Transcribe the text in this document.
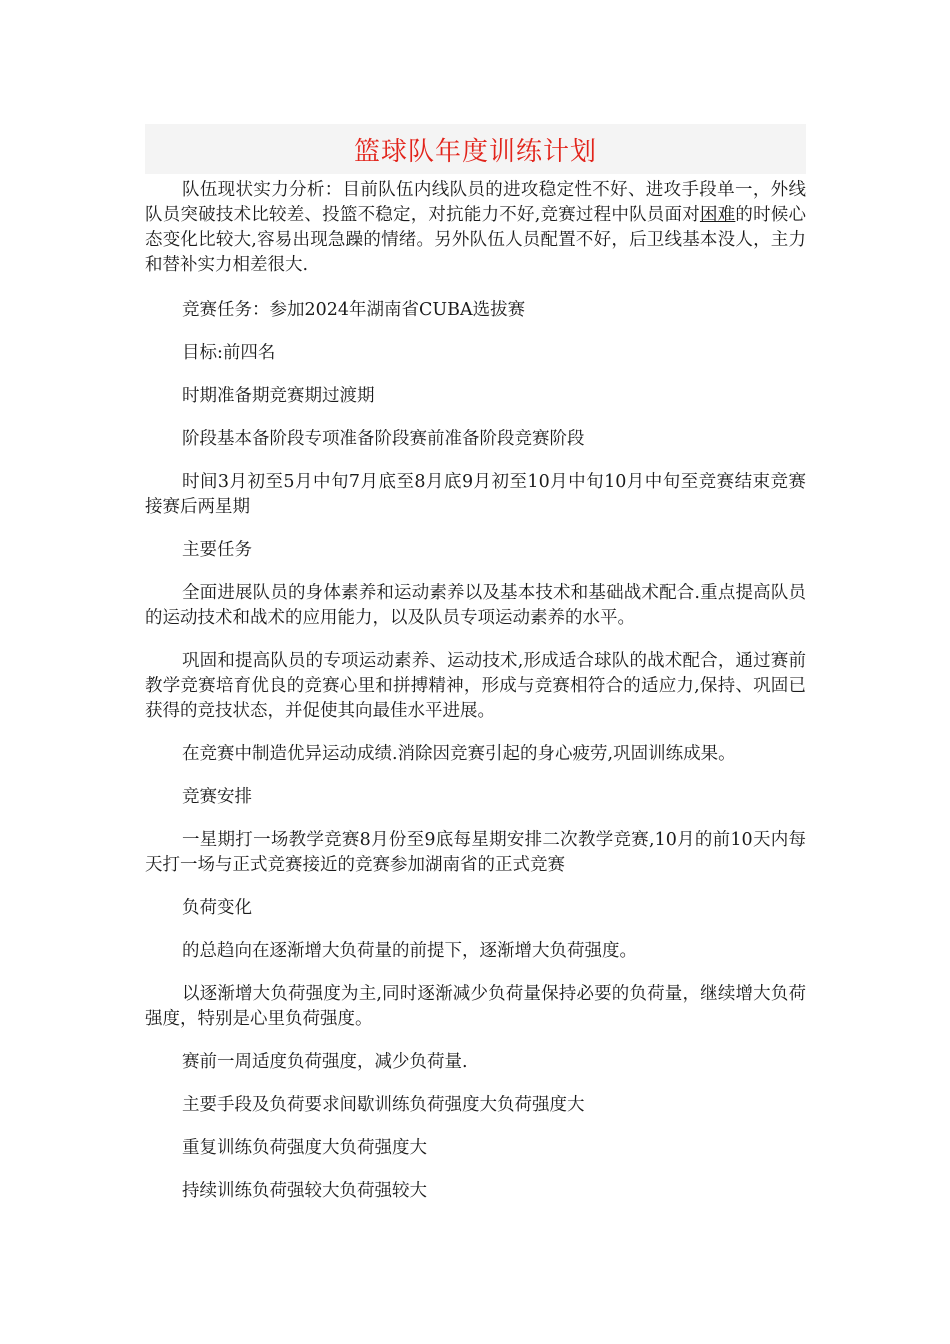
篮球队年度训练计划

队伍现状实力分析：目前队伍内线队员的进攻稳定性不好、进攻手段单一，外线队员突破技术比较差、投篮不稳定，对抗能力不好,竞赛过程中队员面对困难的时候心态变化比较大,容易出现急躁的情绪。另外队伍人员配置不好，后卫线基本没人，主力和替补实力相差很大.

竞赛任务：参加2024年湖南省CUBA选拔赛

目标:前四名

时期准备期竞赛期过渡期

阶段基本备阶段专项准备阶段赛前准备阶段竞赛阶段

时间3月初至5月中旬7月底至8月底9月初至10月中旬10月中旬至竞赛结束竞赛接赛后两星期

主要任务

全面进展队员的身体素养和运动素养以及基本技术和基础战术配合.重点提高队员的运动技术和战术的应用能力，以及队员专项运动素养的水平。

巩固和提高队员的专项运动素养、运动技术,形成适合球队的战术配合，通过赛前教学竞赛培育优良的竞赛心里和拼搏精神，形成与竞赛相符合的适应力,保持、巩固已获得的竞技状态，并促使其向最佳水平进展。

在竞赛中制造优异运动成绩.消除因竞赛引起的身心疲劳,巩固训练成果。

竞赛安排

一星期打一场教学竞赛8月份至9底每星期安排二次教学竞赛,10月的前10天内每天打一场与正式竞赛接近的竞赛参加湖南省的正式竞赛

负荷变化

的总趋向在逐渐增大负荷量的前提下，逐渐增大负荷强度。

以逐渐增大负荷强度为主,同时逐渐减少负荷量保持必要的负荷量，继续增大负荷强度，特别是心里负荷强度。

赛前一周适度负荷强度，减少负荷量.

主要手段及负荷要求间歇训练负荷强度大负荷强度大

重复训练负荷强度大负荷强度大

持续训练负荷强较大负荷强较大
